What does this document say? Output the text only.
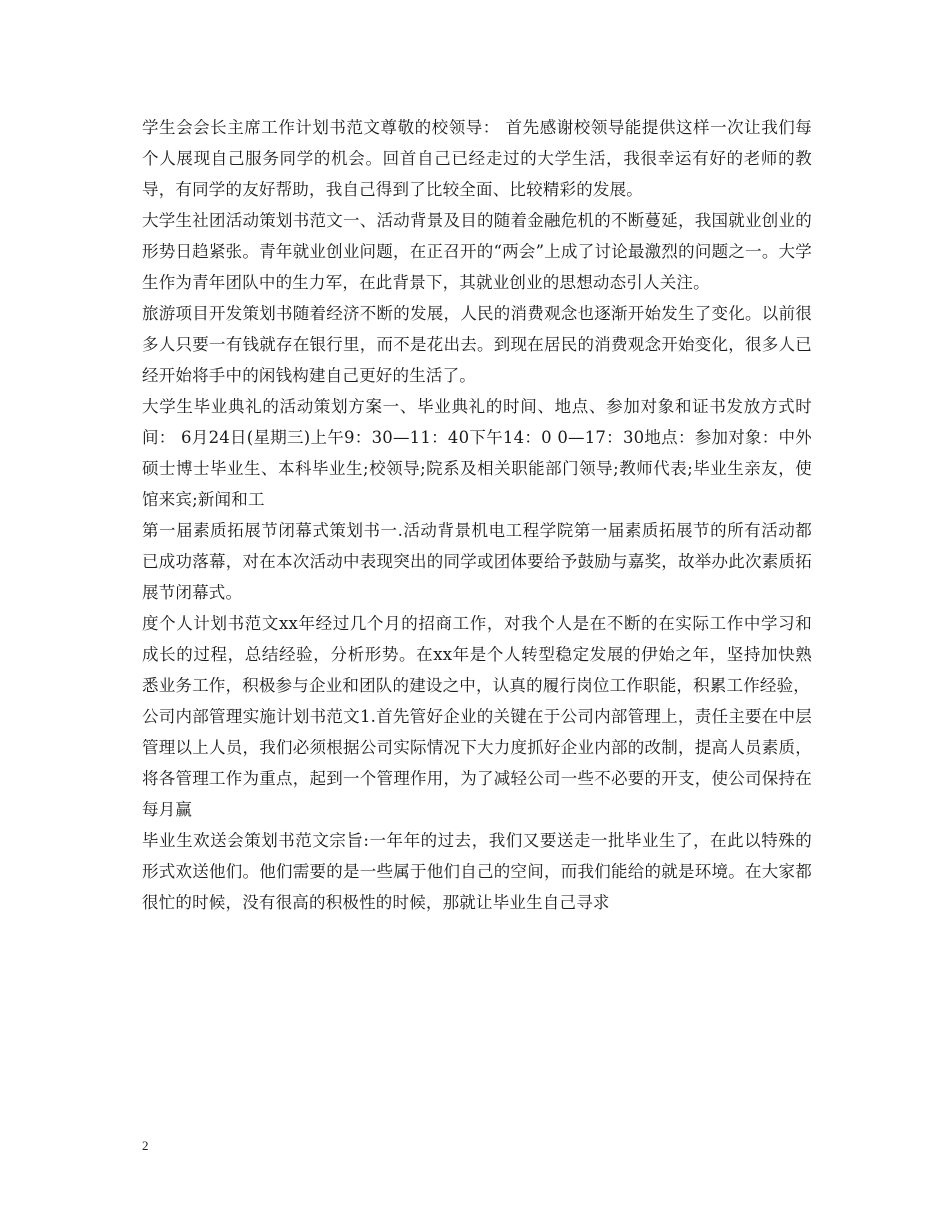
学生会会长主席工作计划书范文尊敬的校领导： 首先感谢校领导能提供这样一次让我们每个人展现自己服务同学的机会。回首自己已经走过的大学生活，我很幸运有好的老师的教导，有同学的友好帮助，我自己得到了比较全面、比较精彩的发展。

大学生社团活动策划书范文一、活动背景及目的随着金融危机的不断蔓延，我国就业创业的形势日趋紧张。青年就业创业问题，在正召开的“两会”上成了讨论最激烈的问题之一。大学生作为青年团队中的生力军，在此背景下，其就业创业的思想动态引人关注。

旅游项目开发策划书随着经济不断的发展，人民的消费观念也逐渐开始发生了变化。以前很多人只要一有钱就存在银行里，而不是花出去。到现在居民的消费观念开始变化，很多人已经开始将手中的闲钱构建自己更好的生活了。

大学生毕业典礼的活动策划方案一、毕业典礼的时间、地点、参加对象和证书发放方式时间： 6月24日(星期三)上午9：30—11：40下午14：0 0—17：30地点：参加对象：中外硕士博士毕业生、本科毕业生;校领导;院系及相关职能部门领导;教师代表;毕业生亲友，使馆来宾;新闻和工

第一届素质拓展节闭幕式策划书一.活动背景机电工程学院第一届素质拓展节的所有活动都已成功落幕，对在本次活动中表现突出的同学或团体要给予鼓励与嘉奖，故举办此次素质拓展节闭幕式。

度个人计划书范文xx年经过几个月的招商工作，对我个人是在不断的在实际工作中学习和成长的过程，总结经验，分析形势。在xx年是个人转型稳定发展的伊始之年，坚持加快熟悉业务工作，积极参与企业和团队的建设之中，认真的履行岗位工作职能，积累工作经验，

公司内部管理实施计划书范文1.首先管好企业的关键在于公司内部管理上，责任主要在中层管理以上人员，我们必须根据公司实际情况下大力度抓好企业内部的改制，提高人员素质，将各管理工作为重点，起到一个管理作用，为了减轻公司一些不必要的开支，使公司保持在每月赢

毕业生欢送会策划书范文宗旨:一年年的过去，我们又要送走一批毕业生了，在此以特殊的形式欢送他们。他们需要的是一些属于他们自己的空间，而我们能给的就是环境。在大家都很忙的时候，没有很高的积极性的时候，那就让毕业生自己寻求

2
